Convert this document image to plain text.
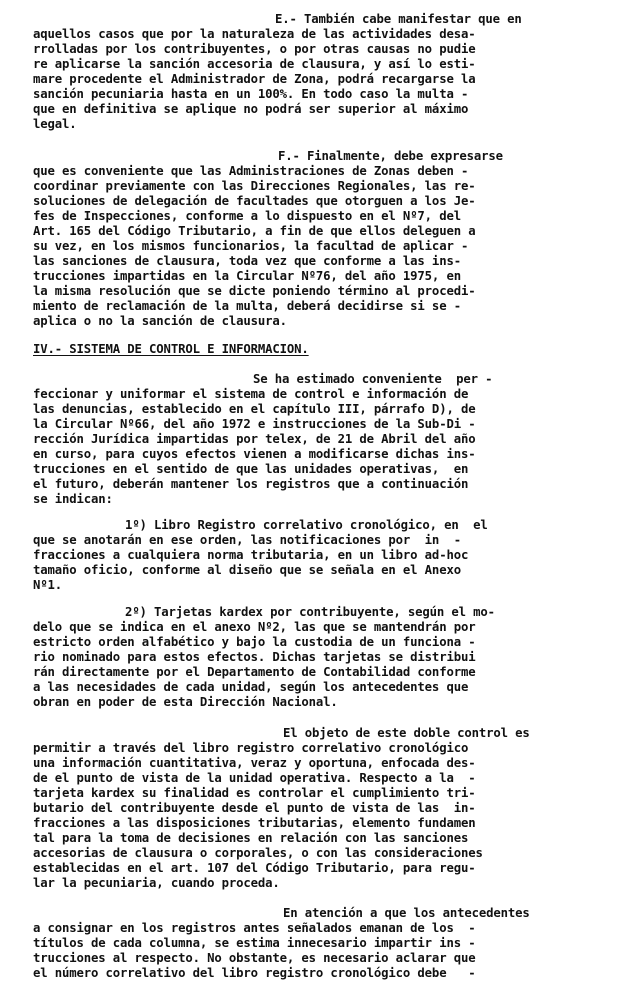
E.- También cabe manifestar que en
aquellos casos que por la naturaleza de las actividades desa-
rrolladas por los contribuyentes, o por otras causas no pudie
re aplicarse la sanción accesoria de clausura, y así lo esti-
mare procedente el Administrador de Zona, podrá recargarse la
sanción pecuniaria hasta en un 100%. En todo caso la multa -
que en definitiva se aplique no podrá ser superior al máximo
legal.
F.- Finalmente, debe expresarse
que es conveniente que las Administraciones de Zonas deben -
coordinar previamente con las Direcciones Regionales, las re-
soluciones de delegación de facultades que otorguen a los Je-
fes de Inspecciones, conforme a lo dispuesto en el Nº7, del
Art. 165 del Código Tributario, a fin de que ellos deleguen a
su vez, en los mismos funcionarios, la facultad de aplicar -
las sanciones de clausura, toda vez que conforme a las ins-
trucciones impartidas en la Circular Nº76, del año 1975, en
la misma resolución que se dicte poniendo término al procedi-
miento de reclamación de la multa, deberá decidirse si se -
aplica o no la sanción de clausura.
IV.- SISTEMA DE CONTROL E INFORMACION.
Se ha estimado conveniente  per -
feccionar y uniformar el sistema de control e información de
las denuncias, establecido en el capítulo III, párrafo D), de
la Circular Nº66, del año 1972 e instrucciones de la Sub-Di -
rección Jurídica impartidas por telex, de 21 de Abril del año
en curso, para cuyos efectos vienen a modificarse dichas ins-
trucciones en el sentido de que las unidades operativas,  en
el futuro, deberán mantener los registros que a continuación
se indican:
1º) Libro Registro correlativo cronológico, en  el
que se anotarán en ese orden, las notificaciones por  in  -
fracciones a cualquiera norma tributaria, en un libro ad-hoc
tamaño oficio, conforme al diseño que se señala en el Anexo
Nº1.
2º) Tarjetas kardex por contribuyente, según el mo-
delo que se indica en el anexo Nº2, las que se mantendrán por
estricto orden alfabético y bajo la custodia de un funciona -
rio nominado para estos efectos. Dichas tarjetas se distribui
rán directamente por el Departamento de Contabilidad conforme
a las necesidades de cada unidad, según los antecedentes que
obran en poder de esta Dirección Nacional.
El objeto de este doble control es
permitir a través del libro registro correlativo cronológico
una información cuantitativa, veraz y oportuna, enfocada des-
de el punto de vista de la unidad operativa. Respecto a la  -
tarjeta kardex su finalidad es controlar el cumplimiento tri-
butario del contribuyente desde el punto de vista de las  in-
fracciones a las disposiciones tributarias, elemento fundamen
tal para la toma de decisiones en relación con las sanciones
accesorias de clausura o corporales, o con las consideraciones
establecidas en el art. 107 del Código Tributario, para regu-
lar la pecuniaria, cuando proceda.
En atención a que los antecedentes
a consignar en los registros antes señalados emanan de los  -
títulos de cada columna, se estima innecesario impartir ins -
trucciones al respecto. No obstante, es necesario aclarar que
el número correlativo del libro registro cronológico debe   -
